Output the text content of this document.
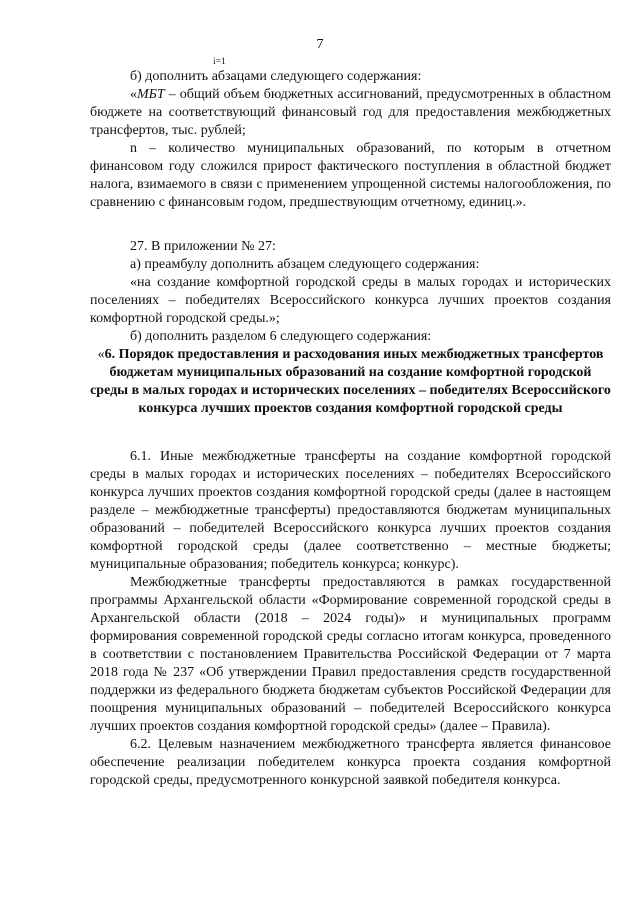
7
i=1

б) дополнить абзацами следующего содержания:

«МБТ – общий объем бюджетных ассигнований, предусмотренных в областном бюджете на соответствующий финансовый год для предоставления межбюджетных трансфертов, тыс. рублей;

n – количество муниципальных образований, по которым в отчетном финансовом году сложился прирост фактического поступления в областной бюджет налога, взимаемого в связи с применением упрощенной системы налогообложения, по сравнению с финансовым годом, предшествующим отчетному, единиц.».

27. В приложении № 27:

а) преамбулу дополнить абзацем следующего содержания:

«на создание комфортной городской среды в малых городах и исторических поселениях – победителях Всероссийского конкурса лучших проектов создания комфортной городской среды.»;

б) дополнить разделом 6 следующего содержания:

«6. Порядок предоставления и расходования иных межбюджетных трансфертов бюджетам муниципальных образований на создание комфортной городской среды в малых городах и исторических поселениях – победителях Всероссийского конкурса лучших проектов создания комфортной городской среды

6.1. Иные межбюджетные трансферты на создание комфортной городской среды в малых городах и исторических поселениях – победителях Всероссийского конкурса лучших проектов создания комфортной городской среды (далее в настоящем разделе – межбюджетные трансферты) предоставляются бюджетам муниципальных образований – победителей Всероссийского конкурса лучших проектов создания комфортной городской среды (далее соответственно – местные бюджеты; муниципальные образования; победитель конкурса; конкурс).

Межбюджетные трансферты предоставляются в рамках государственной программы Архангельской области «Формирование современной городской среды в Архангельской области (2018 – 2024 годы)» и муниципальных программ формирования современной городской среды согласно итогам конкурса, проведенного в соответствии с постановлением Правительства Российской Федерации от 7 марта 2018 года № 237 «Об утверждении Правил предоставления средств государственной поддержки из федерального бюджета бюджетам субъектов Российской Федерации для поощрения муниципальных образований – победителей Всероссийского конкурса лучших проектов создания комфортной городской среды» (далее – Правила).

6.2. Целевым назначением межбюджетного трансферта является финансовое обеспечение реализации победителем конкурса проекта создания комфортной городской среды, предусмотренного конкурсной заявкой победителя конкурса.
